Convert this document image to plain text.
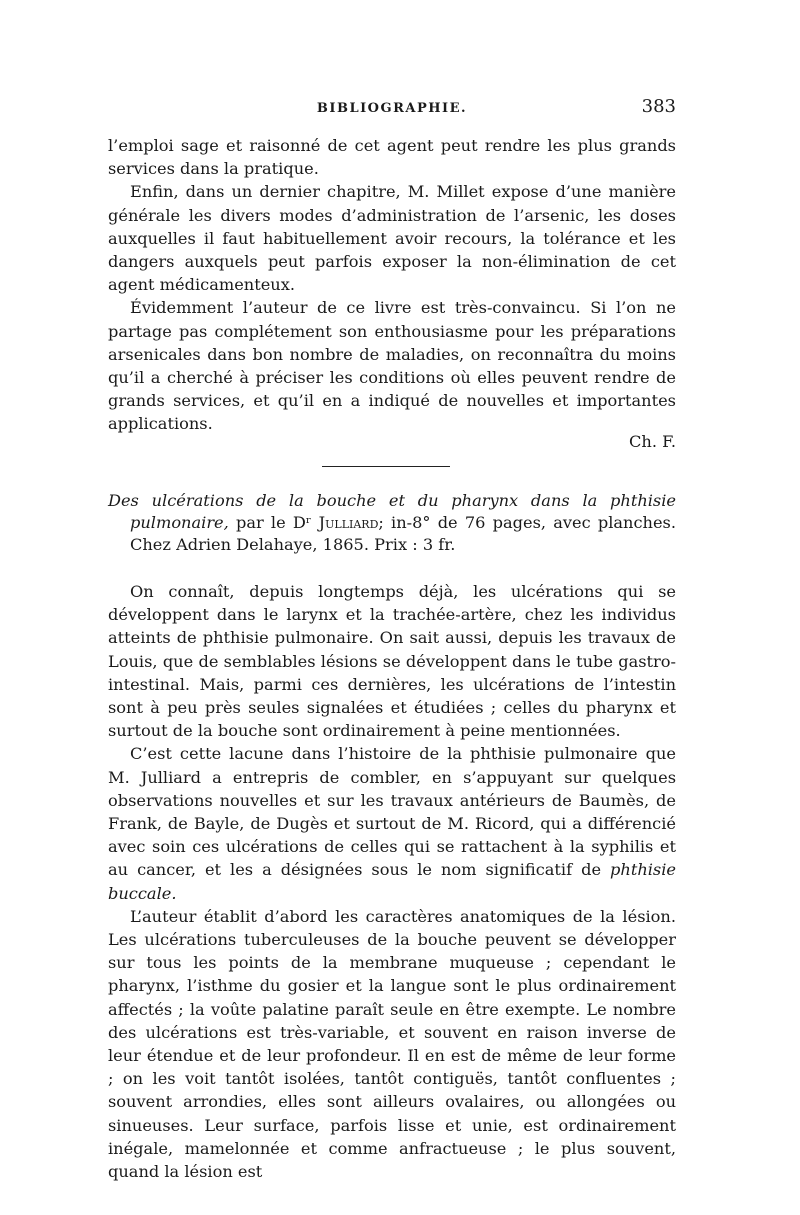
BIBLIOGRAPHIE.	383

l’emploi sage et raisonné de cet agent peut rendre les plus grands services dans la pratique.

Enfin, dans un dernier chapitre, M. Millet expose d’une manière générale les divers modes d’administration de l’arsenic, les doses auxquelles il faut habituellement avoir recours, la tolérance et les dangers auxquels peut parfois exposer la non-élimination de cet agent médicamenteux.

Évidemment l’auteur de ce livre est très-convaincu. Si l’on ne partage pas complétement son enthousiasme pour les préparations arsenicales dans bon nombre de maladies, on reconnaîtra du moins qu’il a cherché à préciser les conditions où elles peuvent rendre de grands services, et qu’il en a indiqué de nouvelles et importantes applications.

Ch. F.
Des ulcérations de la bouche et du pharynx dans la phthisie pulmonaire, par le Dʳ Julliard; in-8° de 76 pages, avec planches. Chez Adrien Delahaye, 1865. Prix : 3 fr.

On connaît, depuis longtemps déjà, les ulcérations qui se développent dans le larynx et la trachée-artère, chez les individus atteints de phthisie pulmonaire. On sait aussi, depuis les travaux de Louis, que de semblables lésions se développent dans le tube gastro-intestinal. Mais, parmi ces dernières, les ulcérations de l’intestin sont à peu près seules signalées et étudiées ; celles du pharynx et surtout de la bouche sont ordinairement à peine mentionnées.

C’est cette lacune dans l’histoire de la phthisie pulmonaire que M. Julliard a entrepris de combler, en s’appuyant sur quelques observations nouvelles et sur les travaux antérieurs de Baumès, de Frank, de Bayle, de Dugès et surtout de M. Ricord, qui a différencié avec soin ces ulcérations de celles qui se rattachent à la syphilis et au cancer, et les a désignées sous le nom significatif de phthisie buccale.

L’auteur établit d’abord les caractères anatomiques de la lésion. Les ulcérations tuberculeuses de la bouche peuvent se développer sur tous les points de la membrane muqueuse ; cependant le pharynx, l’isthme du gosier et la langue sont le plus ordinairement affectés ; la voûte palatine paraît seule en être exempte. Le nombre des ulcérations est très-variable, et souvent en raison inverse de leur étendue et de leur profondeur. Il en est de même de leur forme ; on les voit tantôt isolées, tantôt contiguës, tantôt confluentes ; souvent arrondies, elles sont ailleurs ovalaires, ou allongées ou sinueuses. Leur surface, parfois lisse et unie, est ordinairement inégale, mamelonnée et comme anfractueuse ; le plus souvent, quand la lésion est
